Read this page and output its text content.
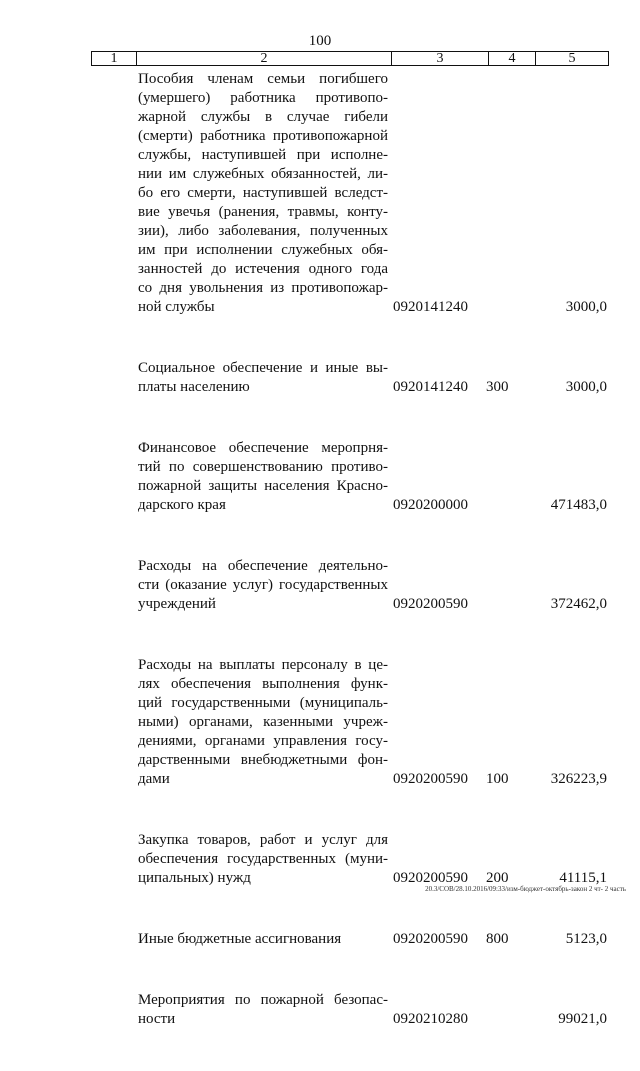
100
1	2	3	4	5
Пособия членам семьи погибшего
(умершего) работника противопо-
жарной службы в случае гибели
(смерти) работника противопожарной
службы, наступившей при исполне-
нии им служебных обязанностей, ли-
бо его смерти, наступившей вследст-
вие увечья (ранения, травмы, конту-
зии), либо заболевания, полученных
им при исполнении служебных обя-
занностей до истечения одного года
со дня увольнения из противопожар-
ной службы	0920141240	3000,0
Социальное обеспечение и иные вы-
платы населению	0920141240 300	3000,0
Финансовое обеспечение меропрня-
тий по совершенствованию противо-
пожарной защиты населения Красно-
дарского края	0920200000	471483,0
Расходы на обеспечение деятельно-
сти (оказание услуг) государственных
учреждений	0920200590	372462,0
Расходы на выплаты персоналу в це-
лях обеспечения выполнения функ-
ций государственными (муниципаль-
ными) органами, казенными учреж-
дениями, органами управления госу-
дарственными внебюджетными фон-
дами	0920200590 100	326223,9
Закупка товаров, работ и услуг для
обеспечения государственных (муни-
ципальных) нужд	0920200590 200	41115,1
Иные бюджетные ассигнования	0920200590 800	5123,0
Мероприятия по пожарной безопас-
ности	0920210280	99021,0
20.3/СОВ/28.10.2016/09:33/изм-бюджет-октябрь-закон 2 чт- 2 часть
